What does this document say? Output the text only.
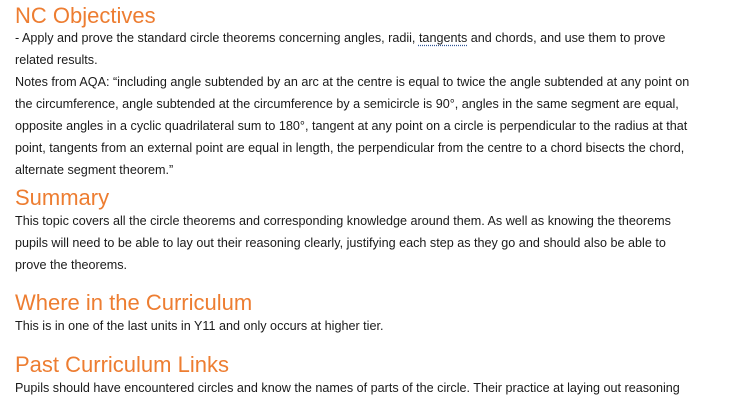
NC Objectives

- Apply and prove the standard circle theorems concerning angles, radii, tangents and chords, and use them to prove

related results.

Notes from AQA: “including angle subtended by an arc at the centre is equal to twice the angle subtended at any point on

the circumference, angle subtended at the circumference by a semicircle is 90°, angles in the same segment are equal,

opposite angles in a cyclic quadrilateral sum to 180°, tangent at any point on a circle is perpendicular to the radius at that

point, tangents from an external point are equal in length, the perpendicular from the centre to a chord bisects the chord,

alternate segment theorem.”

Summary

This topic covers all the circle theorems and corresponding knowledge around them. As well as knowing the theorems

pupils will need to be able to lay out their reasoning clearly, justifying each step as they go and should also be able to

prove the theorems.

Where in the Curriculum

This is in one of the last units in Y11 and only occurs at higher tier.

Past Curriculum Links

Pupils should have encountered circles and know the names of parts of the circle. Their practice at laying out reasoning
